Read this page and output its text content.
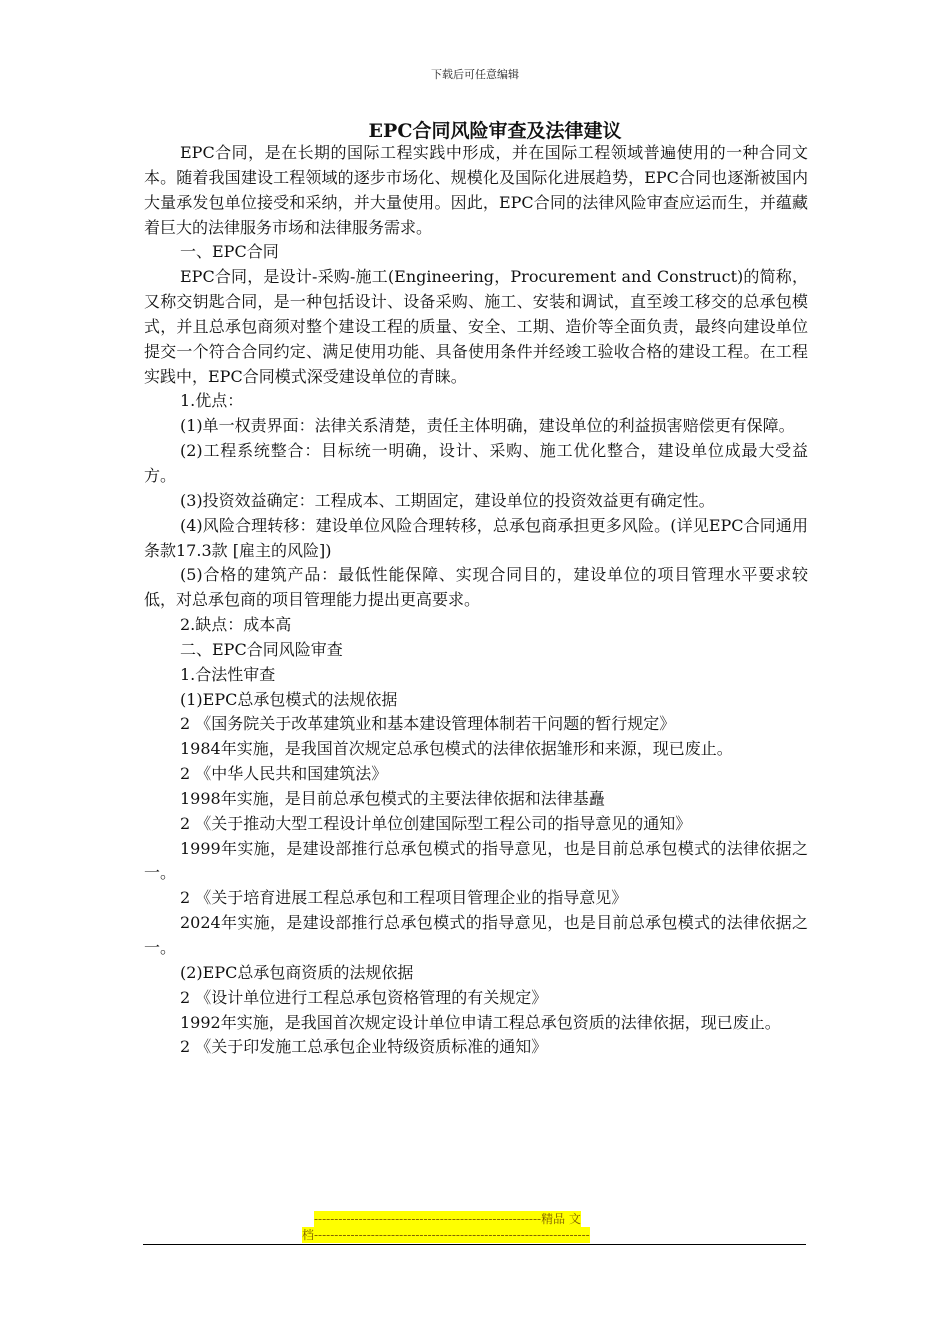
下载后可任意编辑
EPC合同风险审查及法律建议

EPC合同，是在长期的国际工程实践中形成，并在国际工程领域普遍使用的一种合同文本。随着我国建设工程领域的逐步市场化、规模化及国际化进展趋势，EPC合同也逐渐被国内大量承发包单位接受和采纳，并大量使用。因此，EPC合同的法律风险审查应运而生，并蕴藏着巨大的法律服务市场和法律服务需求。

一、EPC合同

EPC合同，是设计-采购-施工(Engineering，Procurement and Construct)的简称，又称交钥匙合同，是一种包括设计、设备采购、施工、安装和调试，直至竣工移交的总承包模式，并且总承包商须对整个建设工程的质量、安全、工期、造价等全面负责，最终向建设单位提交一个符合合同约定、满足使用功能、具备使用条件并经竣工验收合格的建设工程。在工程实践中，EPC合同模式深受建设单位的青睐。

1.优点：

(1)单一权责界面：法律关系清楚，责任主体明确，建设单位的利益损害赔偿更有保障。

(2)工程系统整合：目标统一明确，设计、采购、施工优化整合，建设单位成最大受益方。

(3)投资效益确定：工程成本、工期固定，建设单位的投资效益更有确定性。

(4)风险合理转移：建设单位风险合理转移，总承包商承担更多风险。(详见EPC合同通用条款17.3款 [雇主的风险])

(5)合格的建筑产品：最低性能保障、实现合同目的，建设单位的项目管理水平要求较低，对总承包商的项目管理能力提出更高要求。

2.缺点：成本高

二、EPC合同风险审查

1.合法性审查

(1)EPC总承包模式的法规依据

2 《国务院关于改革建筑业和基本建设管理体制若干问题的暂行规定》

1984年实施，是我国首次规定总承包模式的法律依据雏形和来源，现已废止。

2 《中华人民共和国建筑法》

1998年实施，是目前总承包模式的主要法律依据和法律基矗

2 《关于推动大型工程设计单位创建国际型工程公司的指导意见的通知》

1999年实施，是建设部推行总承包模式的指导意见，也是目前总承包模式的法律依据之一。

2 《关于培育进展工程总承包和工程项目管理企业的指导意见》

2024年实施，是建设部推行总承包模式的指导意见，也是目前总承包模式的法律依据之一。

(2)EPC总承包商资质的法规依据

2 《设计单位进行工程总承包资格管理的有关规定》

1992年实施，是我国首次规定设计单位申请工程总承包资质的法律依据，现已废止。

2 《关于印发施工总承包企业特级资质标准的通知》

--------------------------------------------------------精品 文
档--------------------------------------------------------------------
